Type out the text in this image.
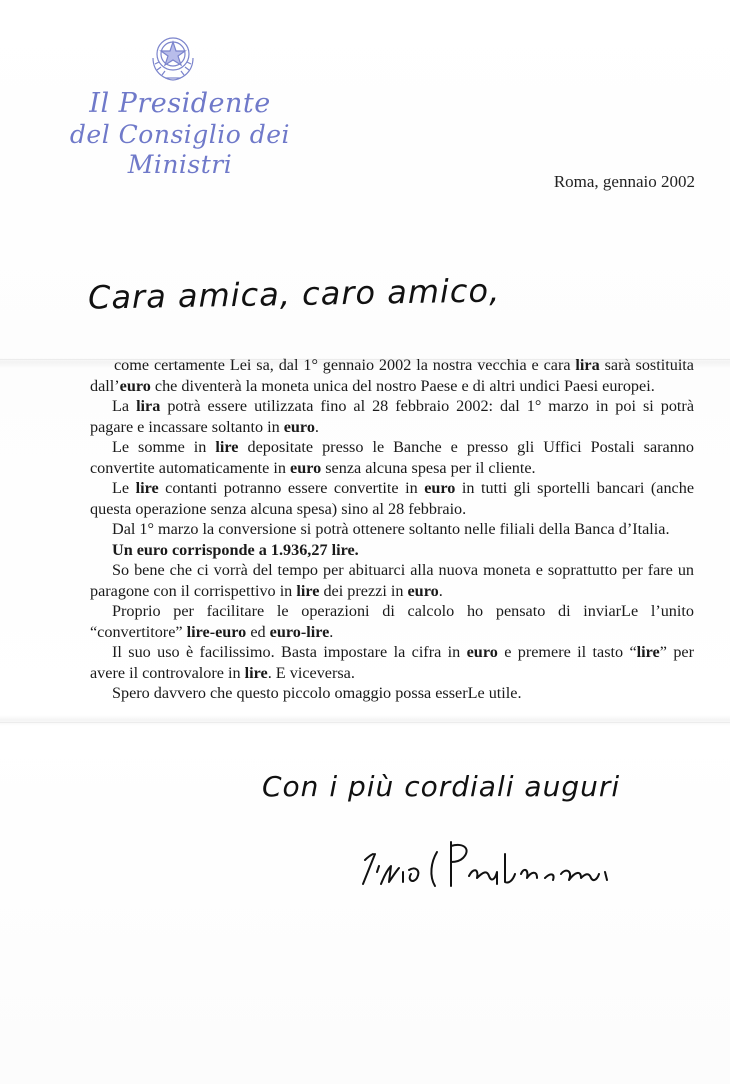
Il Presidente
del Consiglio dei Ministri
Roma, gennaio 2002
Cara amica, caro amico,

come certamente Lei sa, dal 1° gennaio 2002 la nostra vecchia e cara lira sarà sostituita dall’euro che diventerà la moneta unica del nostro Paese e di altri undici Paesi europei.

La lira potrà essere utilizzata fino al 28 febbraio 2002: dal 1° marzo in poi si potrà pagare e incassare soltanto in euro.

Le somme in lire depositate presso le Banche e presso gli Uffici Postali saranno convertite automaticamente in euro senza alcuna spesa per il cliente.

Le lire contanti potranno essere convertite in euro in tutti gli sportelli bancari (anche questa operazione senza alcuna spesa) sino al 28 febbraio.

Dal 1° marzo la conversione si potrà ottenere soltanto nelle filiali della Banca d’Italia.

Un euro corrisponde a 1.936,27 lire.

So bene che ci vorrà del tempo per abituarci alla nuova moneta e soprattutto per fare un paragone con il corrispettivo in lire dei prezzi in euro.

Proprio per facilitare le operazioni di calcolo ho pensato di inviarLe l’unito “convertitore” lire-euro ed euro-lire.

Il suo uso è facilissimo. Basta impostare la cifra in euro e premere il tasto “lire” per avere il controvalore in lire. E viceversa.

Spero davvero che questo piccolo omaggio possa esserLe utile.

Con i più cordiali auguri
